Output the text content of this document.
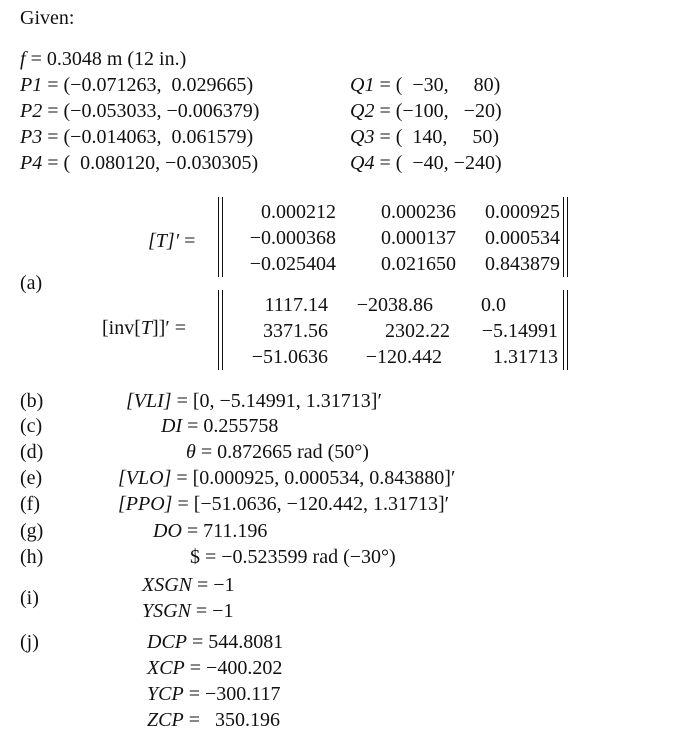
Given:
f = 0.3048 m (12 in.)
P1 = (−0.071263,  0.029665)	Q1 = (  −30,     80)
P2 = (−0.053033, −0.006379)	Q2 = (−100,   −20)
P3 = (−0.014063,  0.061579)	Q3 = (  140,     50)
P4 = (  0.080120, −0.030305)	Q4 = (  −40, −240)
[T]′ =
0.000212 0.000236 0.000925
−0.000368 0.000137 0.000534
−0.025404 0.021650 0.843879
(a)
[inv[T]]′ =
1117.14 −2038.86 0.0
3371.56	2302.22 −5.14991
−51.0636 −120.442	1.31713
(b)	[VLI] = [0, −5.14991, 1.31713]′
(c)	DI = 0.255758
(d)	θ = 0.872665 rad (50°)
(e)	[VLO] = [0.000925, 0.000534, 0.843880]′
(f)	[PPO] = [−51.0636, −120.442, 1.31713]′
(g)	DO = 711.196
(h)	$ = −0.523599 rad (−30°)
(i)
XSGN = −1
YSGN = −1
(j)	DCP = 544.8081
XCP = −400.202
YCP = −300.117
ZCP =   350.196
